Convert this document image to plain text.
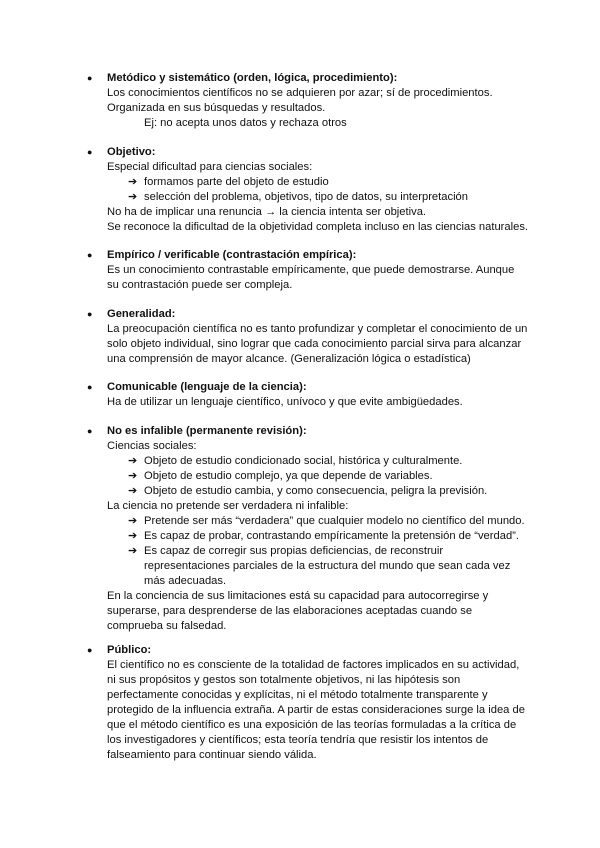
● Metódico y sistemático (orden, lógica, procedimiento):
Los conocimientos científicos no se adquieren por azar; sí de procedimientos.
Organizada en sus búsquedas y resultados.
Ej: no acepta unos datos y rechaza otros
● Objetivo:
Especial dificultad para ciencias sociales:
➔ formamos parte del objeto de estudio
➔ selección del problema, objetivos, tipo de datos, su interpretación
No ha de implicar una renuncia → la ciencia intenta ser objetiva.
Se reconoce la dificultad de la objetividad completa incluso en las ciencias naturales.
● Empírico / verificable (contrastación empírica):
Es un conocimiento contrastable empíricamente, que puede demostrarse. Aunque
su contrastación puede ser compleja.
● Generalidad:
La preocupación científica no es tanto profundizar y completar el conocimiento de un
solo objeto individual, sino lograr que cada conocimiento parcial sirva para alcanzar
una comprensión de mayor alcance. (Generalización lógica o estadística)
● Comunicable (lenguaje de la ciencia):
Ha de utilizar un lenguaje científico, unívoco y que evite ambigüedades.
● No es infalible (permanente revisión):
Ciencias sociales:
➔ Objeto de estudio condicionado social, histórica y culturalmente.
➔ Objeto de estudio complejo, ya que depende de variables.
➔ Objeto de estudio cambia, y como consecuencia, peligra la previsión.
La ciencia no pretende ser verdadera ni infalible:
➔ Pretende ser más “verdadera” que cualquier modelo no científico del mundo.
➔ Es capaz de probar, contrastando empíricamente la pretensión de “verdad”.
➔ Es capaz de corregir sus propias deficiencias, de reconstruir
representaciones parciales de la estructura del mundo que sean cada vez
más adecuadas.
En la conciencia de sus limitaciones está su capacidad para autocorregirse y
superarse, para desprenderse de las elaboraciones aceptadas cuando se
comprueba su falsedad.
● Público:
El científico no es consciente de la totalidad de factores implicados en su actividad,
ni sus propósitos y gestos son totalmente objetivos, ni las hipótesis son
perfectamente conocidas y explícitas, ni el método totalmente transparente y
protegido de la influencia extraña. A partir de estas consideraciones surge la idea de
que el método científico es una exposición de las teorías formuladas a la crítica de
los investigadores y científicos; esta teoría tendría que resistir los intentos de
falseamiento para continuar siendo válida.
